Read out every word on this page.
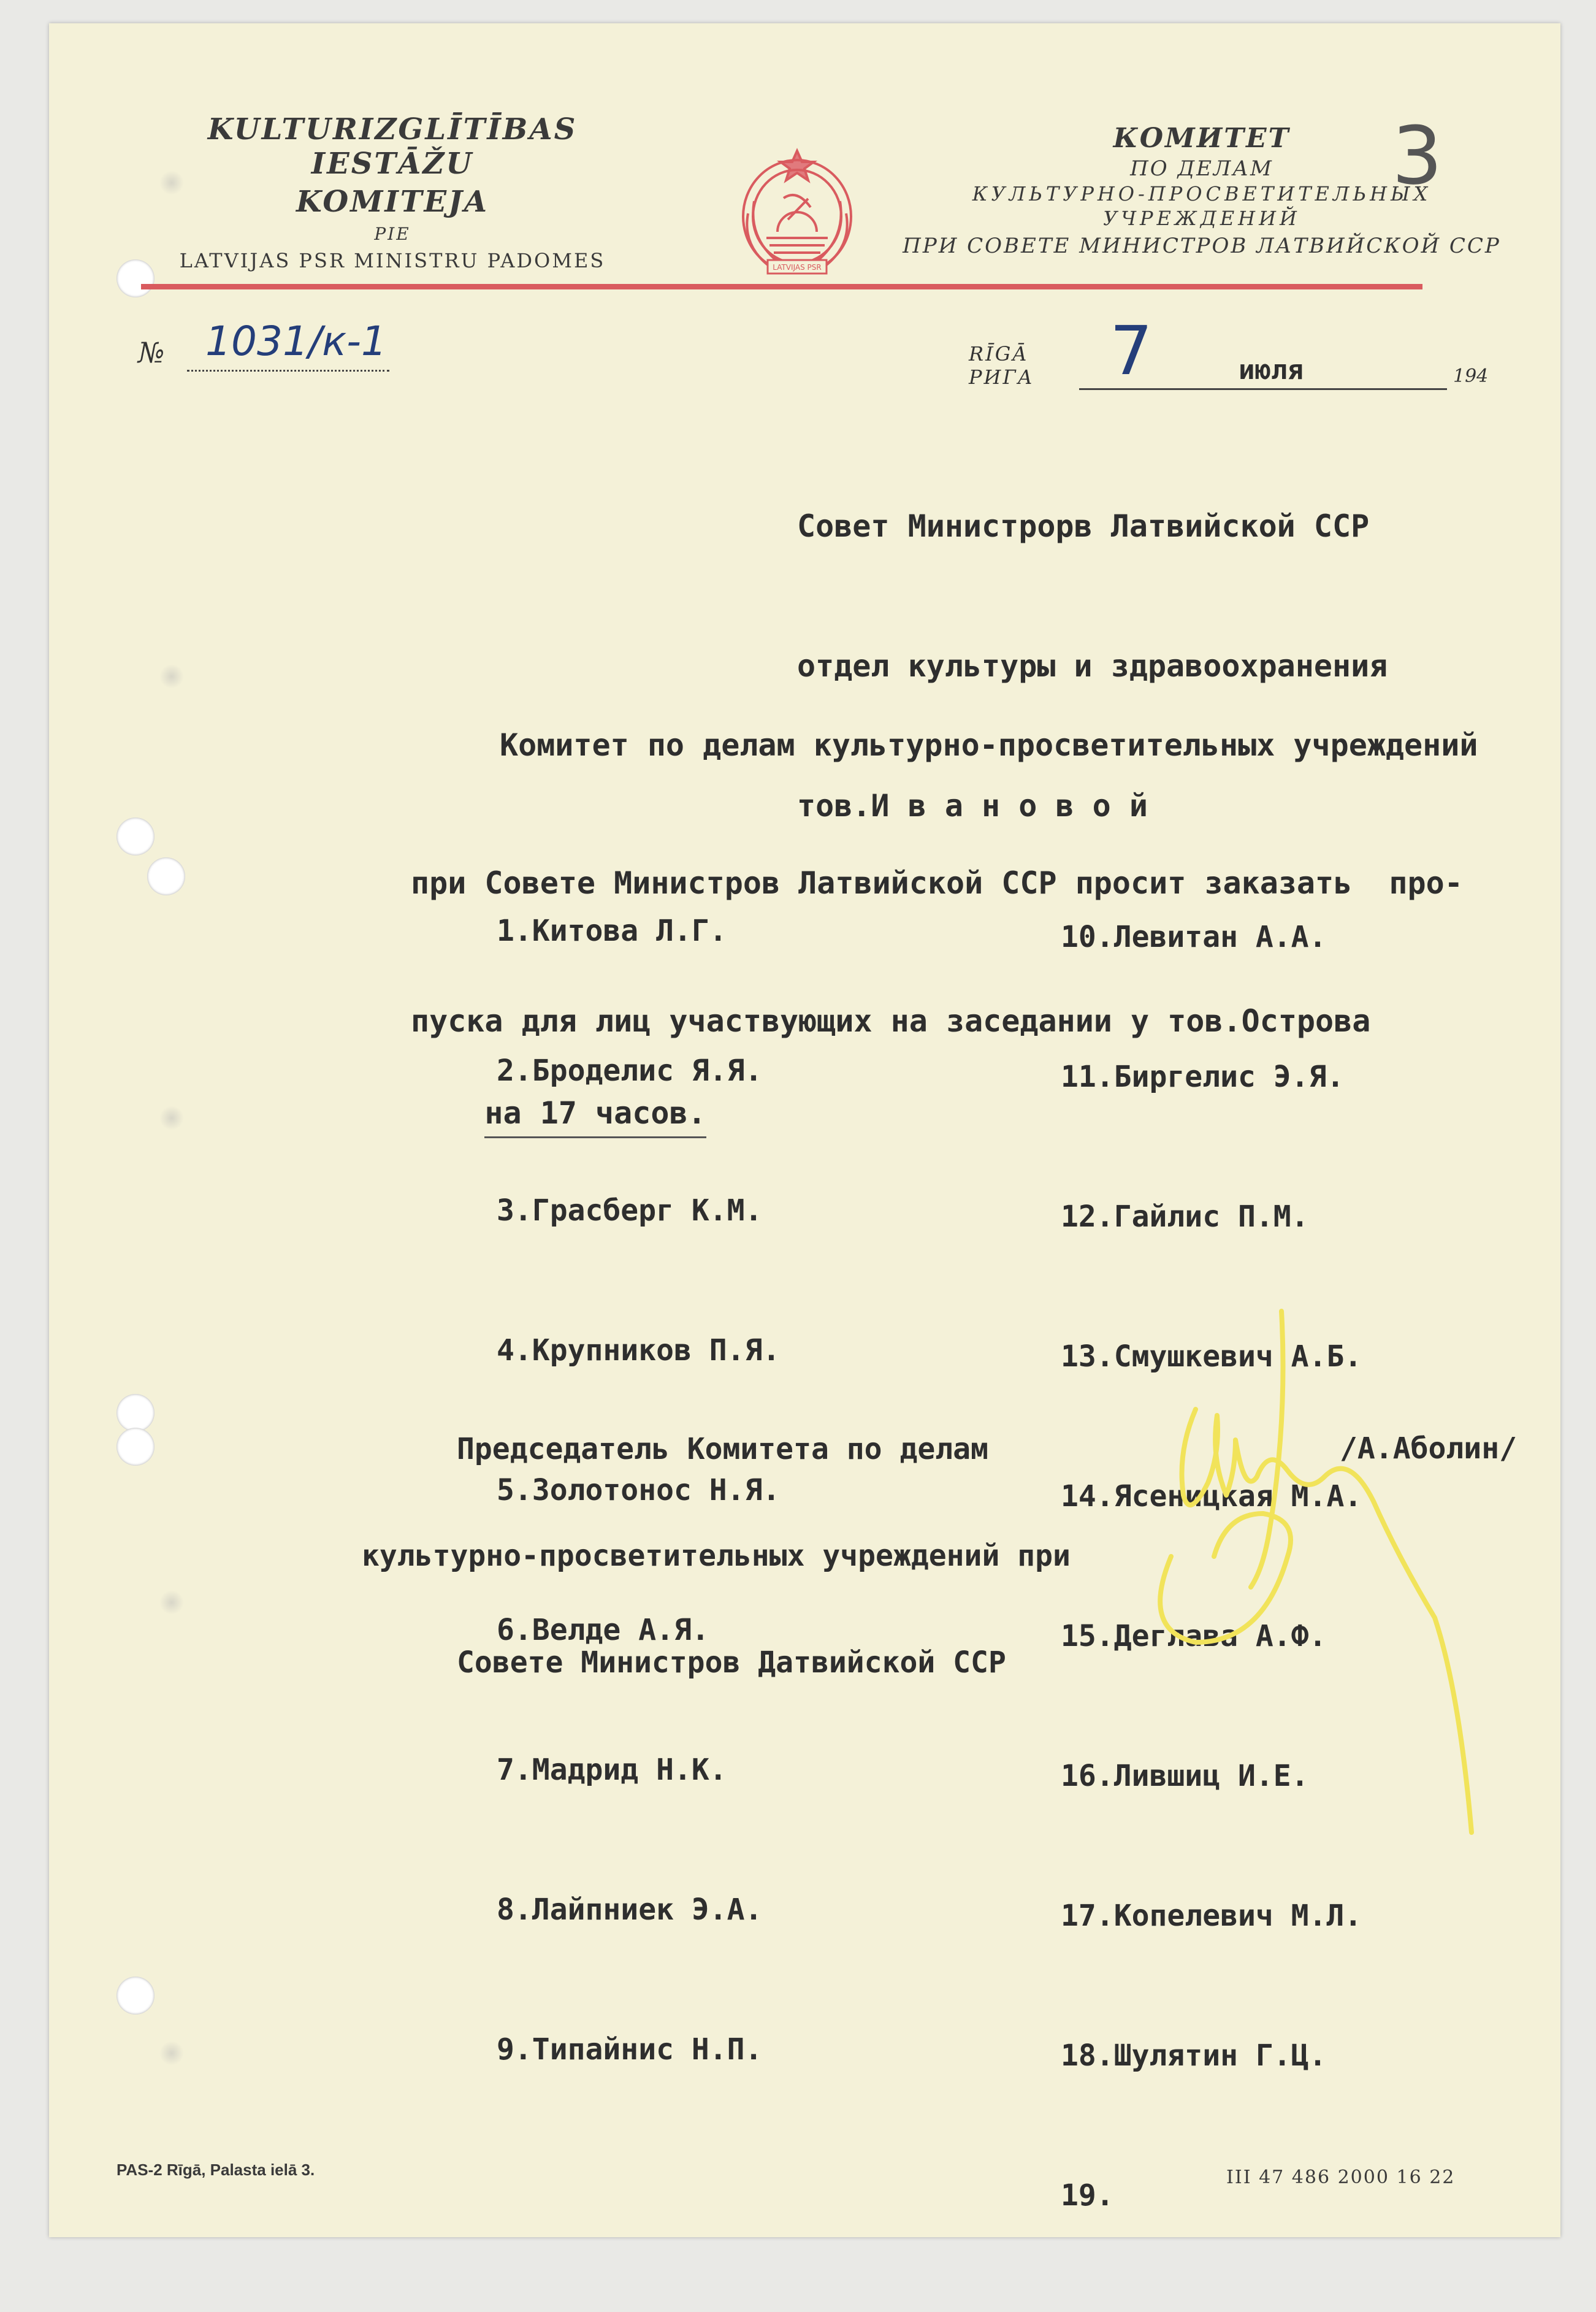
KULTURIZGLĪTĪBAS IESTĀŽU
KOMITEJA
PIE
LATVIJAS PSR MINISTRU PADOMES	LATVIJAS PSR
КОМИТЕТ
ПО ДЕЛАМ
КУЛЬТУРНО-ПРОСВЕТИТЕЛЬНЫХ
УЧРЕЖДЕНИЙ
ПРИ СОВЕТЕ МИНИСТРОВ ЛАТВИЙСКОЙ ССР
3
№ 1031/к-1	RĪGĀ
РИГА 7	июля	194

Совет Министрорв Латвийской ССР

отдел культуры и здравоохранения

тов.И в а н о в о й

Комитет по делам культурно-просветительных учреждений

при Совете Министров Латвийской ССР просит заказать  про-

пуска для лиц участвующих на заседании у тов.Острова

на 17 часов.

1.Китова Л.Г.

2.Броделис Я.Я.

3.Грасберг К.М.

4.Крупников П.Я.

5.Золотонос Н.Я.

6.Велде А.Я.

7.Мадрид Н.К.

8.Лайпниек Э.А.

9.Типайнис Н.П.

10.Левитан А.А.

11.Биргелис Э.Я.

12.Гайлис П.М.

13.Смушкевич А.Б.

14.Ясеницкая М.А.

15.Деглава А.Ф.

16.Лившиц И.Е.

17.Копелевич М.Л.

18.Шулятин Г.Ц.

19.

Председатель Комитета по делам

культурно-просветительных учреждений при

Совете Министров Датвийской ССР

/А.Аболин/
PAS-2 Rīgā, Palasta ielā 3.	III 47 486 2000 16 22
